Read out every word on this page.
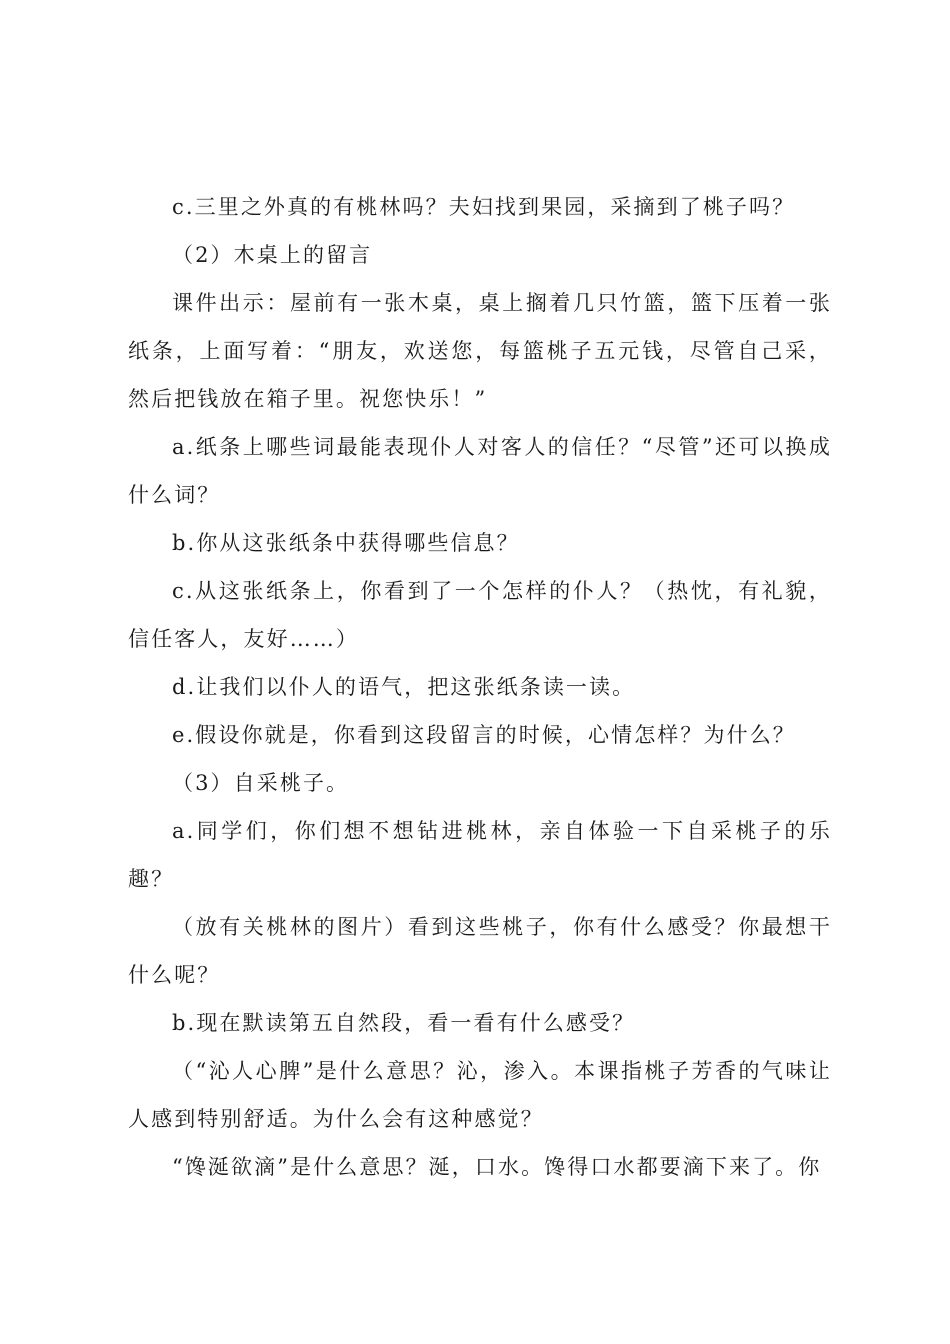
c.三里之外真的有桃林吗？夫妇找到果园，采摘到了桃子吗？

（2）木桌上的留言

课件出示：屋前有一张木桌，桌上搁着几只竹篮，篮下压着一张纸条，上面写着：“朋友，欢送您，每篮桃子五元钱，尽管自己采，然后把钱放在箱子里。祝您快乐！”

a.纸条上哪些词最能表现仆人对客人的信任？“尽管”还可以换成什么词？

b.你从这张纸条中获得哪些信息？

c.从这张纸条上，你看到了一个怎样的仆人？（热忱，有礼貌，信任客人，友好……）

d.让我们以仆人的语气，把这张纸条读一读。

e.假设你就是，你看到这段留言的时候，心情怎样？为什么？

（3）自采桃子。

a.同学们，你们想不想钻进桃林，亲自体验一下自采桃子的乐趣？

（放有关桃林的图片）看到这些桃子，你有什么感受？你最想干什么呢？

b.现在默读第五自然段，看一看有什么感受？

（“沁人心脾”是什么意思？沁，渗入。本课指桃子芳香的气味让人感到特别舒适。为什么会有这种感觉？

“馋涎欲滴”是什么意思？涎，口水。馋得口水都要滴下来了。你
